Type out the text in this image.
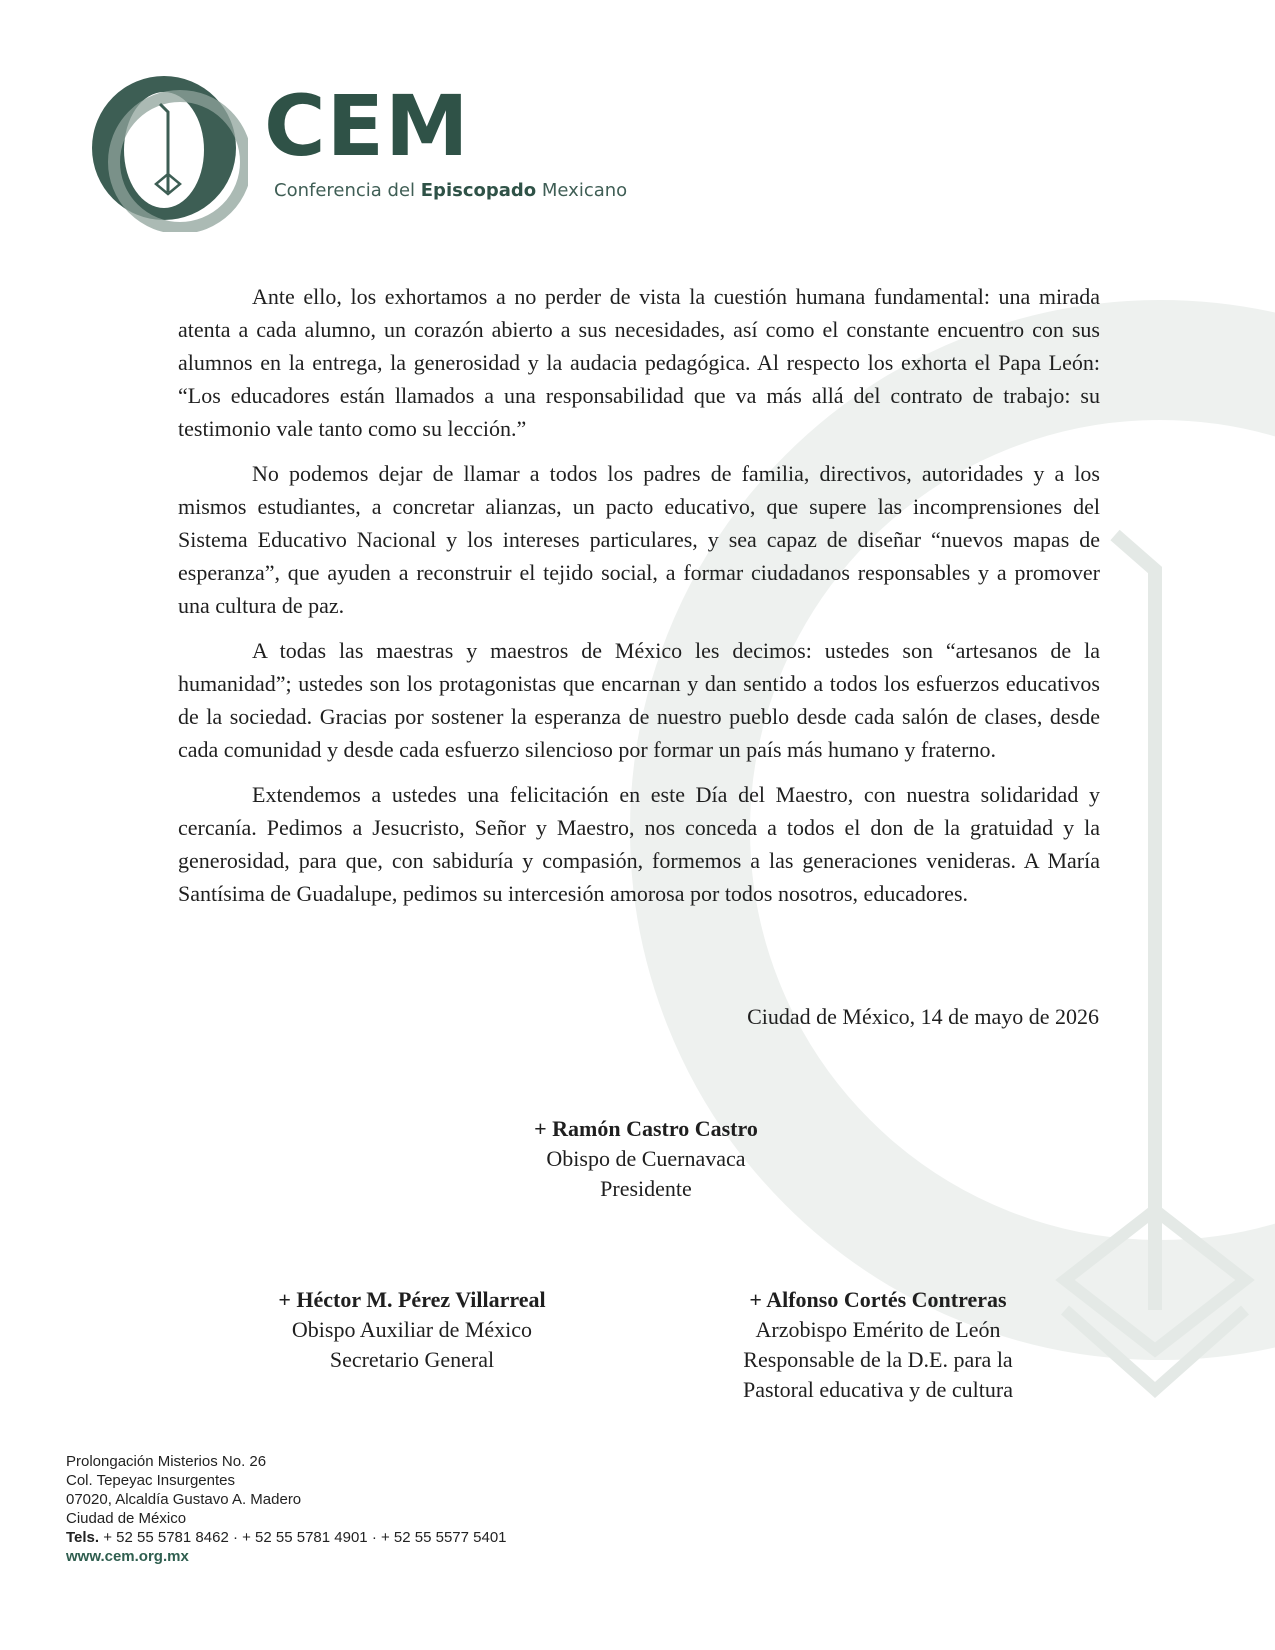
CEM
Conferencia del Episcopado Mexicano

Ante ello, los exhortamos a no perder de vista la cuestión humana fundamental: una mirada atenta a cada alumno, un corazón abierto a sus necesidades, así como el constante encuentro con sus alumnos en la entrega, la generosidad y la audacia pedagógica. Al respecto los exhorta el Papa León: “Los educadores están llamados a una responsabilidad que va más allá del contrato de trabajo: su testimonio vale tanto como su lección.”

No podemos dejar de llamar a todos los padres de familia, directivos, autoridades y a los mismos estudiantes, a concretar alianzas, un pacto educativo, que supere las incomprensiones del Sistema Educativo Nacional y los intereses particulares, y sea capaz de diseñar “nuevos mapas de esperanza”, que ayuden a reconstruir el tejido social, a formar ciudadanos responsables y a promover una cultura de paz.

A todas las maestras y maestros de México les decimos: ustedes son “artesanos de la humanidad”; ustedes son los protagonistas que encarnan y dan sentido a todos los esfuerzos educativos de la sociedad. Gracias por sostener la esperanza de nuestro pueblo desde cada salón de clases, desde cada comunidad y desde cada esfuerzo silencioso por formar un país más humano y fraterno.

Extendemos a ustedes una felicitación en este Día del Maestro, con nuestra solidaridad y cercanía. Pedimos a Jesucristo, Señor y Maestro, nos conceda a todos el don de la gratuidad y la generosidad, para que, con sabiduría y compasión, formemos a las generaciones venideras. A María Santísima de Guadalupe, pedimos su intercesión amorosa por todos nosotros, educadores.

Ciudad de México, 14 de mayo de 2026
+ Ramón Castro Castro
Obispo de Cuernavaca
Presidente
+ Héctor M. Pérez Villarreal
Obispo Auxiliar de México
Secretario General
+ Alfonso Cortés Contreras
Arzobispo Emérito de León
Responsable de la D.E. para la
Pastoral educativa y de cultura
Prolongación Misterios No. 26
Col. Tepeyac Insurgentes
07020, Alcaldía Gustavo A. Madero
Ciudad de México
Tels. + 52 55 5781 8462 · + 52 55 5781 4901 · + 52 55 5577 5401
www.cem.org.mx
